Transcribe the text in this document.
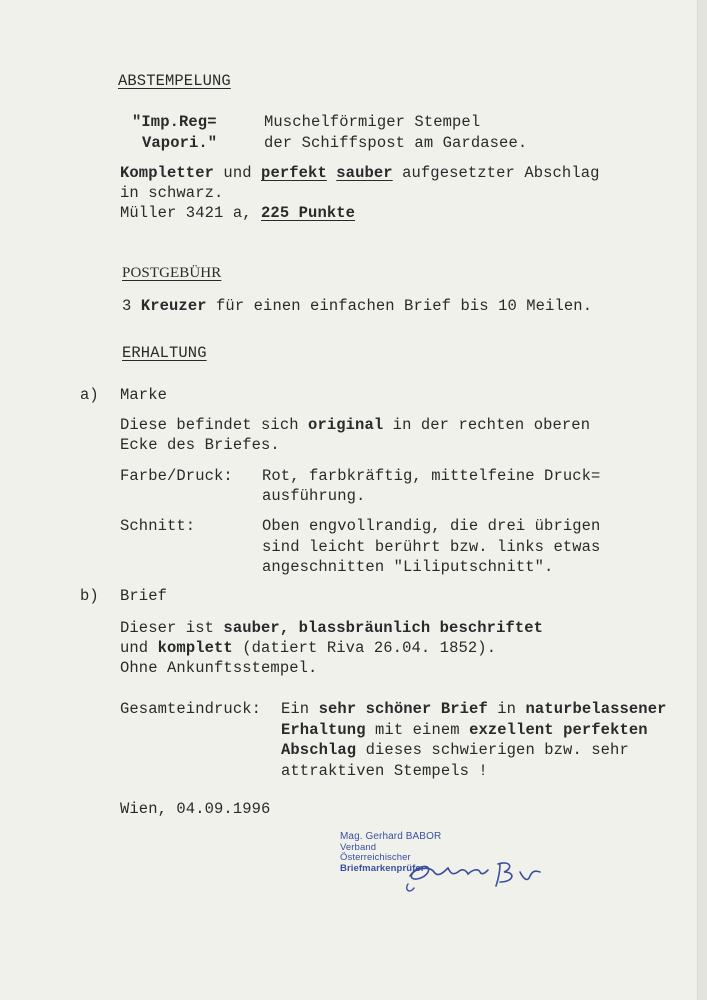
ABSTEMPELUNG
"Imp.Reg=
Vapori."
Muschelförmiger Stempel
der Schiffspost am Gardasee.
Kompletter und perfekt sauber aufgesetzter Abschlag
in schwarz.
Müller 3421 a, 225 Punkte
POSTGEBÜHR
3 Kreuzer für einen einfachen Brief bis 10 Meilen.
ERHALTUNG
a) Marke
Diese befindet sich original in der rechten oberen
Ecke des Briefes.
Farbe/Druck: Rot, farbkräftig, mittelfeine Druck=
ausführung.
Schnitt:	Oben engvollrandig, die drei übrigen
sind leicht berührt bzw. links etwas
angeschnitten "Liliputschnitt".
b) Brief
Dieser ist sauber, blassbräunlich beschriftet
und komplett (datiert Riva 26.04. 1852).
Ohne Ankunftsstempel.
Gesamteindruck: Ein sehr schöner Brief in naturbelassener
Erhaltung mit einem exzellent perfekten
Abschlag dieses schwierigen bzw. sehr
attraktiven Stempels !
Wien, 04.09.1996
Mag. Gerhard BABOR
Verband
Österreichischer
Briefmarkenprüfer
